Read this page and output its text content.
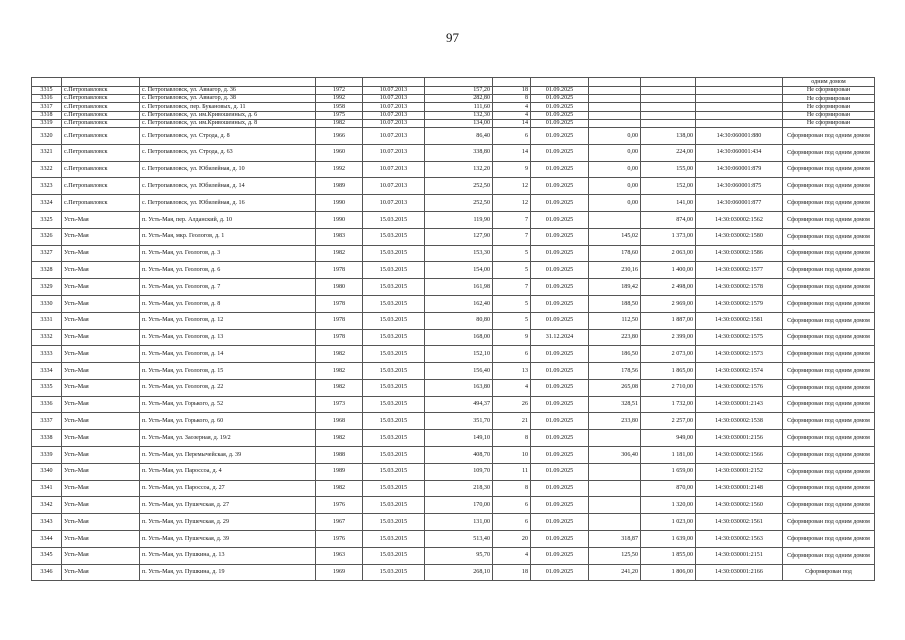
97
											одним домом
3315	с.Петропавловск	с. Петропавловск, ул. Авиагор, д. 36	1972	10.07.2013	157,20	18	01.09.2025				Не сформирован
3316	с.Петропавловск	с. Петропавловск, ул. Авиагор, д. 38	1992	10.07.2013	282,80	8	01.09.2025				Не сформирован
3317	с.Петропавловск	с. Петропавловск, пер. Букановых, д. 11	1958	10.07.2013	111,60	4	01.09.2025				Не сформирован
3318	с.Петропавловск	с. Петропавловск, ул. им.Кривошеиных, д. 6	1975	10.07.2013	132,30	4	01.09.2025				Не сформирован
3319	с.Петропавловск	с. Петропавловск, ул. им.Кривошеиных, д. 8	1982	10.07.2013	134,00	14	01.09.2025				Не сформирован
3320	с.Петропавловск	с. Петропавловск, ул. Строда, д. 8	1966	10.07.2013	86,40	6	01.09.2025	0,00	138,00	14:30:060001:880	Сформирован под одним домом
3321	с.Петропавловск	с. Петропавловск, ул. Строда, д. 63	1960	10.07.2013	338,80	14	01.09.2025	0,00	224,00	14:30:060001:434	Сформирован под одним домом
3322	с.Петропавловск	с. Петропавловск, ул. Юбилейная, д. 10	1992	10.07.2013	132,20	9	01.09.2025	0,00	155,00	14:30:060001:879	Сформирован под одним домом
3323	с.Петропавловск	с. Петропавловск, ул. Юбилейная, д. 14	1989	10.07.2013	252,50	12	01.09.2025	0,00	152,00	14:30:060001:875	Сформирован под одним домом
3324	с.Петропавловск	с. Петропавловск, ул. Юбилейная, д. 16	1990	10.07.2013	252,50	12	01.09.2025	0,00	141,00	14:30:060001:877	Сформирован под одним домом
3325	Усть-Мая	п. Усть-Мая, пер. Алданский, д. 10	1990	15.03.2015	119,90	7	01.09.2025		874,00	14:30:030002:1562	Сформирован под одним домом
3326	Усть-Мая	п. Усть-Мая, мкр. Геологов, д. 1	1983	15.03.2015	127,90	7	01.09.2025	145,02	1 373,00	14:30:030002:1580	Сформирован под одним домом
3327	Усть-Мая	п. Усть-Мая, ул. Геологов, д. 3	1982	15.03.2015	153,30	5	01.09.2025	178,60	2 063,00	14:30:030002:1586	Сформирован под одним домом
3328	Усть-Мая	п. Усть-Мая, ул. Геологов, д. 6	1978	15.03.2015	154,00	5	01.09.2025	230,16	1 400,00	14:30:030002:1577	Сформирован под одним домом
3329	Усть-Мая	п. Усть-Мая, ул. Геологов, д. 7	1980	15.03.2015	161,98	7	01.09.2025	189,42	2 498,00	14:30:030002:1578	Сформирован под одним домом
3330	Усть-Мая	п. Усть-Мая, ул. Геологов, д. 8	1978	15.03.2015	162,40	5	01.09.2025	188,50	2 969,00	14:30:030002:1579	Сформирован под одним домом
3331	Усть-Мая	п. Усть-Мая, ул. Геологов, д. 12	1978	15.03.2015	80,80	5	01.09.2025	112,50	1 887,00	14:30:030002:1581	Сформирован под одним домом
3332	Усть-Мая	п. Усть-Мая, ул. Геологов, д. 13	1978	15.03.2015	168,00	9	31.12.2024	223,80	2 399,00	14:30:030002:1575	Сформирован под одним домом
3333	Усть-Мая	п. Усть-Мая, ул. Геологов, д. 14	1982	15.03.2015	152,10	6	01.09.2025	186,50	2 073,00	14:30:030002:1573	Сформирован под одним домом
3334	Усть-Мая	п. Усть-Мая, ул. Геологов, д. 15	1982	15.03.2015	156,40	13	01.09.2025	178,56	1 865,00	14:30:030002:1574	Сформирован под одним домом
3335	Усть-Мая	п. Усть-Мая, ул. Геологов, д. 22	1982	15.03.2015	163,80	4	01.09.2025	265,08	2 710,00	14:30:030002:1576	Сформирован под одним домом
3336	Усть-Мая	п. Усть-Мая, ул. Горького, д. 52	1973	15.03.2015	494,37	26	01.09.2025	328,51	1 732,00	14:30:030001:2143	Сформирован под одним домом
3337	Усть-Мая	п. Усть-Мая, ул. Горького, д. 60	1968	15.03.2015	351,70	21	01.09.2025	233,80	2 257,00	14:30:030002:1538	Сформирован под одним домом
3338	Усть-Мая	п. Усть-Мая, ул. Заозерная, д. 19/2	1982	15.03.2015	149,10	8	01.09.2025		949,00	14:30:030001:2156	Сформирован под одним домом
3339	Усть-Мая	п. Усть-Мая, ул. Перемычейская, д. 39	1988	15.03.2015	408,70	10	01.09.2025	306,40	1 181,00	14:30:030002:1566	Сформирован под одним домом
3340	Усть-Мая	п. Усть-Мая, ул. Пароссоа, д. 4	1989	15.03.2015	109,70	11	01.09.2025		1 659,00	14:30:030001:2152	Сформирован под одним домом
3341	Усть-Мая	п. Усть-Мая, ул. Пароссоа, д. 27	1982	15.03.2015	218,30	8	01.09.2025		870,00	14:30:030001:2148	Сформирован под одним домом
3342	Усть-Мая	п. Усть-Мая, ул. Пушечская, д. 27	1976	15.03.2015	170,00	6	01.09.2025		1 320,00	14:30:030002:1560	Сформирован под одним домом
3343	Усть-Мая	п. Усть-Мая, ул. Пушечская, д. 29	1967	15.03.2015	131,00	6	01.09.2025		1 023,00	14:30:030002:1561	Сформирован под одним домом
3344	Усть-Мая	п. Усть-Мая, ул. Пушечская, д. 39	1976	15.03.2015	513,40	20	01.09.2025	318,87	1 639,00	14:30:030002:1563	Сформирован под одним домом
3345	Усть-Мая	п. Усть-Мая, ул. Пушкина, д. 13	1963	15.03.2015	95,70	4	01.09.2025	125,50	1 855,00	14:30:030001:2151	Сформирован под одним домом
3346	Усть-Мая	п. Усть-Мая, ул. Пушкина, д. 19	1969	15.03.2015	268,10	18	01.09.2025	241,20	1 806,00	14:30:030001:2166	Сформирован под
